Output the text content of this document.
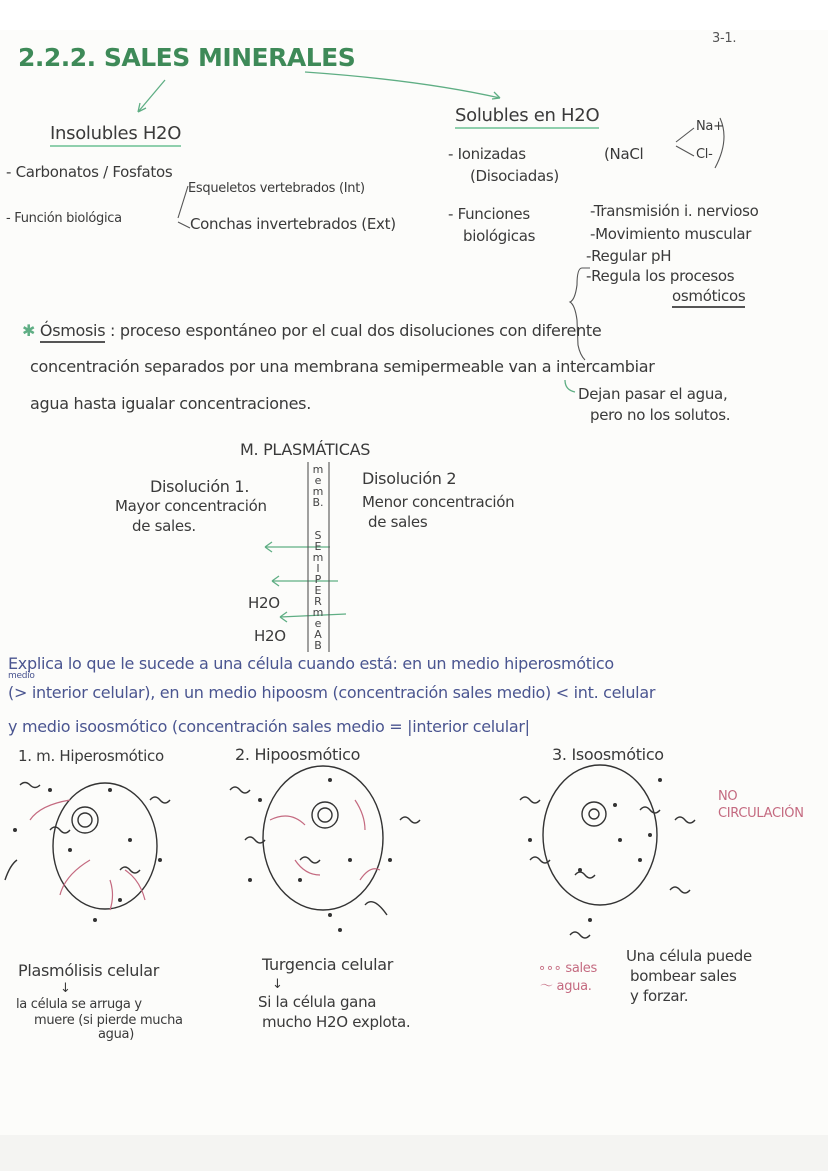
3-1.
2.2.2. SALES MINERALES
Insolubles H2O
- Carbonatos / Fosfatos
- Función biológica
Esqueletos vertebrados (Int)
Conchas invertebrados (Ext)
Solubles en H2O
- Ionizadas
(Disociadas)
(NaCl
Na+
Cl-
- Funciones
biológicas
-Transmisión i. nervioso
-Movimiento muscular
-Regular pH
-Regula los procesos
osmóticos
✱ Ósmosis : proceso espontáneo por el cual dos disoluciones con diferente
concentración separados por una membrana semipermeable van a intercambiar
agua hasta igualar concentraciones.	Dejan pasar el agua,
pero no los solutos.
M. PLASMÁTICAS
Disolución 1.
Mayor concentración
de sales.
Disolución 2
Menor concentración
de sales
m
e
m
B.
S
E
m
I
P
E
R
m
e
A
B
H2O
H2O
Explica lo que le sucede a una célula cuando está: en un medio hiperosmótico
medio
(> interior celular), en un medio hipoosm (concentración sales medio) < int. celular
y medio isoosmótico (concentración sales medio = |interior celular|
1. m. Hiperosmótico	2. Hipoosmótico	3. Isoosmótico
NO
CIRCULACIÓN
Plasmólisis celular
↓
la célula se arruga y
muere (si pierde mucha
agua)
Turgencia celular
↓
Si la célula gana
mucho H2O explota.
∘∘∘ sales
〜 agua.
Una célula puede
bombear sales
y forzar.
